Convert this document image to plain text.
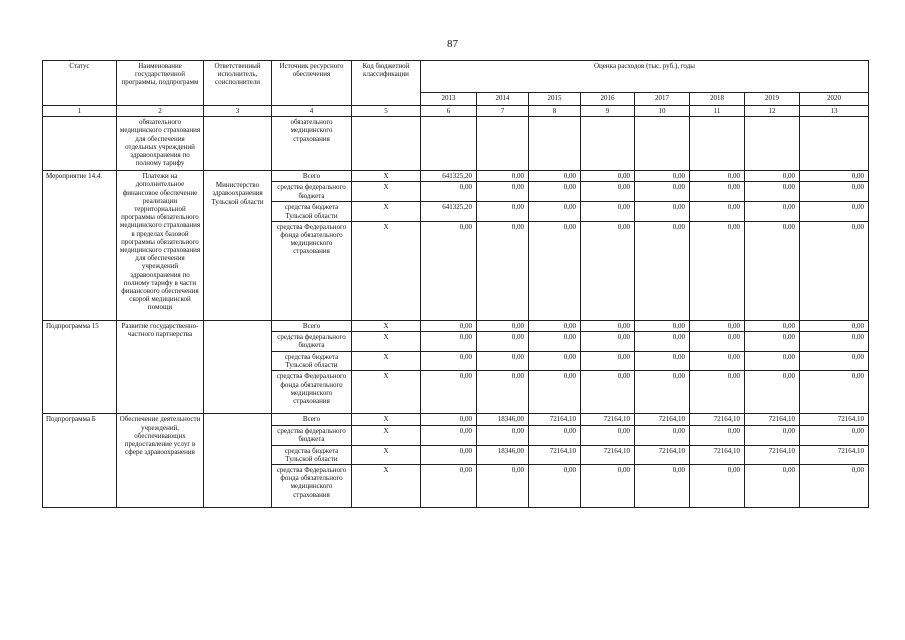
87
Статус	Наименование государственной программы, подпрограмм	Ответственный исполнитель, соисполнители	Источник ресурсного обеспечения	Код бюджетной классификации	Оценка расходов (тыс. руб.), годы							
					2013	2014	2015	2016	2017	2018	2019	2020
1	2	3	4	5	6	7	8	9	10	11	12	13
	обязательного медицинского страхования для обеспечения отдельных учреждений здравоохранения по полному тарифу		обязательного медицинского страхования									
Мероприятие 14.4.	Платежи на дополнительное финансовое обеспечение реализации территориальной программы обязательного медицинского страхования в пределах базовой программы обязательного медицинского страхования для обеспечения учреждений здравоохранения по полному тарифу в части финансового обеспечения скорой медицинской помощи	Министерство здравоохранения Тульской области	Всего	Х	641325,20	0,00	0,00	0,00	0,00	0,00	0,00	0,00
			средства федерального бюджета	Х	0,00	0,00	0,00	0,00	0,00	0,00	0,00	0,00
			средства бюджета Тульской области	Х	641325,20	0,00	0,00	0,00	0,00	0,00	0,00	0,00
			средства Федерального фонда обязательного медицинского страхования	Х	0,00	0,00	0,00	0,00	0,00	0,00	0,00	0,00
Подпрограмма 15	Развитие государственно-частного партнерства		Всего	Х	0,00	0,00	0,00	0,00	0,00	0,00	0,00	0,00
			средства федерального бюджета	Х	0,00	0,00	0,00	0,00	0,00	0,00	0,00	0,00
			средства бюджета Тульской области	Х	0,00	0,00	0,00	0,00	0,00	0,00	0,00	0,00
			средства Федерального фонда обязательного медицинского страхования	Х	0,00	0,00	0,00	0,00	0,00	0,00	0,00	0,00
Подпрограмма Б	Обеспечение деятельности учреждений, обеспечивающих предоставление услуг в сфере здравоохранения		Всего	Х	0,00	18346,00	72164,10	72164,10	72164,10	72164,10	72164,10	72164,10
			средства федерального бюджета	Х	0,00	0,00	0,00	0,00	0,00	0,00	0,00	0,00
			средства бюджета Тульской области	Х	0,00	18346,00	72164,10	72164,10	72164,10	72164,10	72164,10	72164,10
			средства Федерального фонда обязательного медицинского страхования	Х	0,00	0,00	0,00	0,00	0,00	0,00	0,00	0,00
